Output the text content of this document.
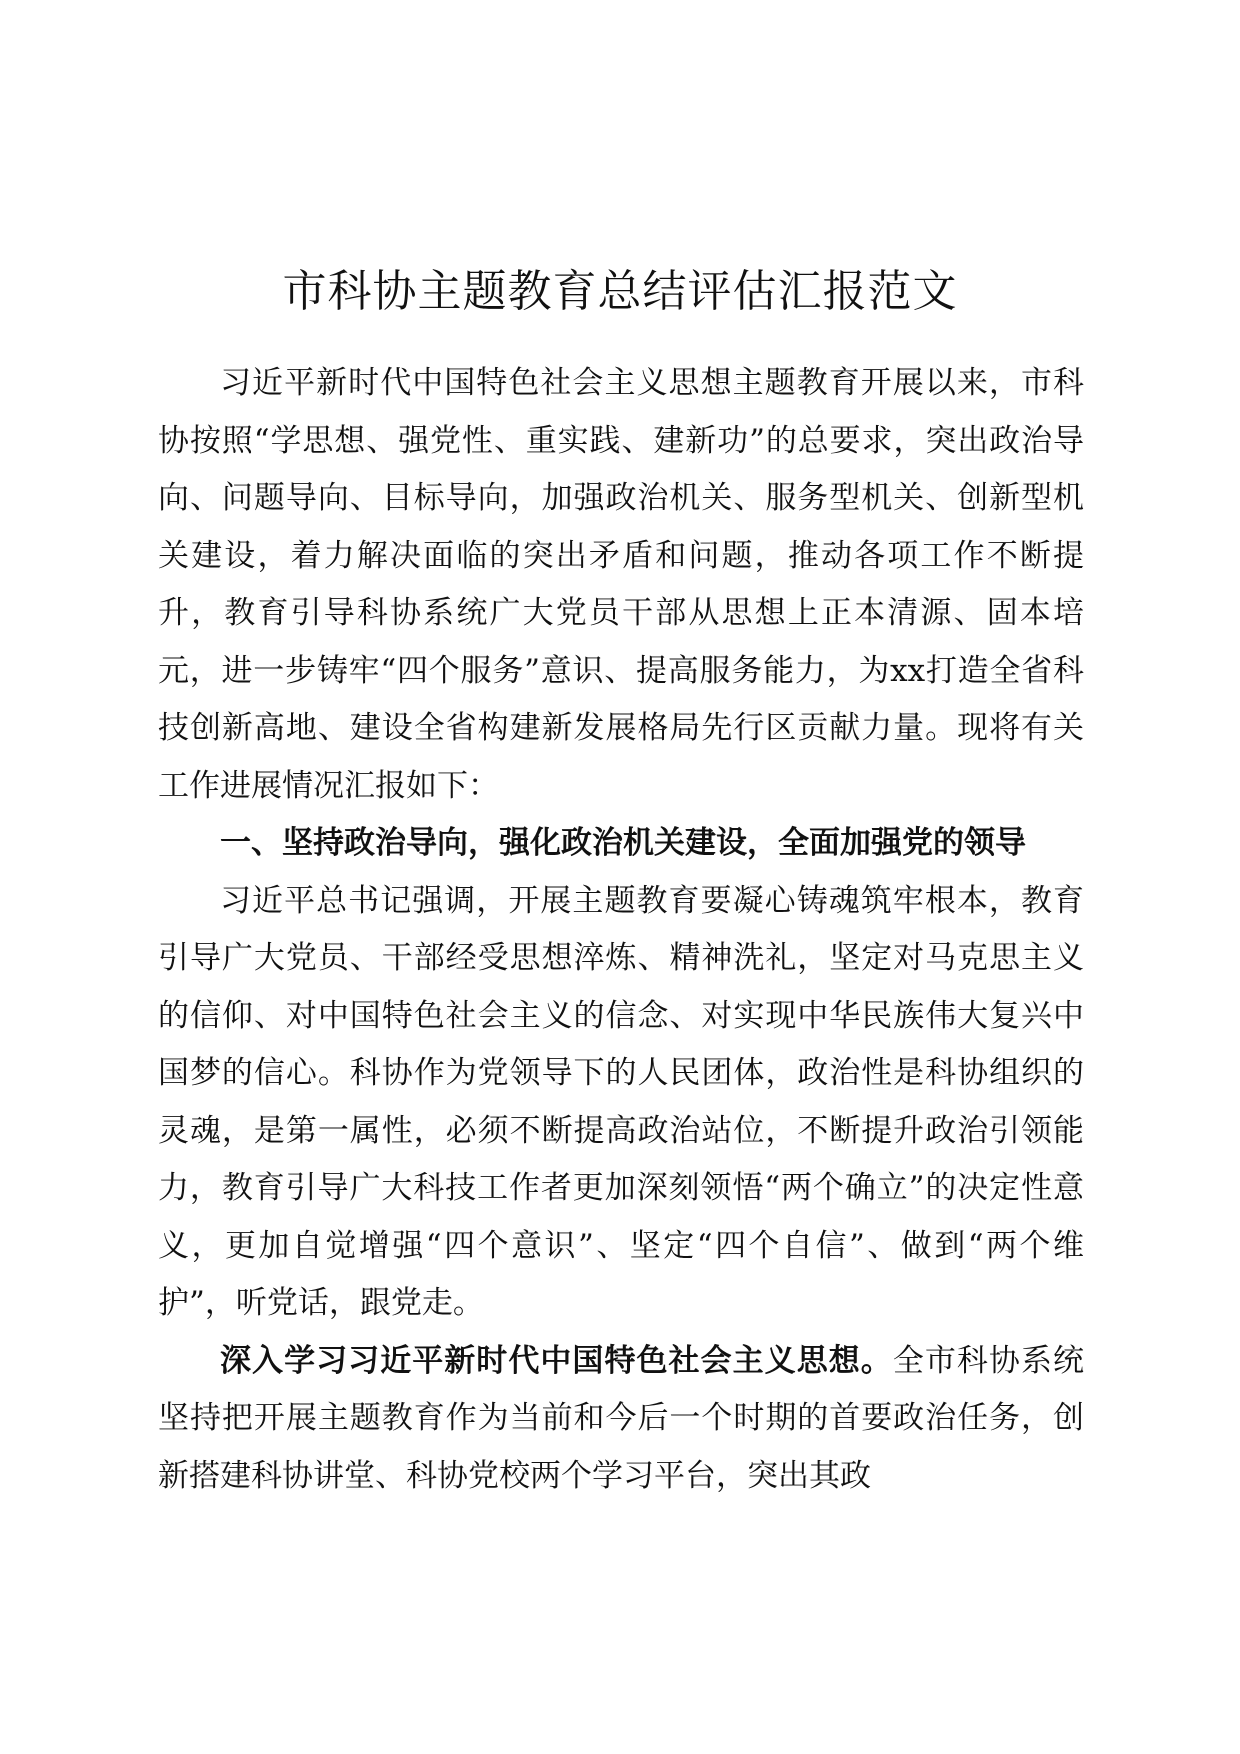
市科协主题教育总结评估汇报范文

习近平新时代中国特色社会主义思想主题教育开展以来，市科协按照“学思想、强党性、重实践、建新功”的总要求，突出政治导向、问题导向、目标导向，加强政治机关、服务型机关、创新型机关建设，着力解决面临的突出矛盾和问题，推动各项工作不断提升，教育引导科协系统广大党员干部从思想上正本清源、固本培元，进一步铸牢“四个服务”意识、提高服务能力，为xx打造全省科技创新高地、建设全省构建新发展格局先行区贡献力量。现将有关工作进展情况汇报如下：

一、坚持政治导向，强化政治机关建设，全面加强党的领导

习近平总书记强调，开展主题教育要凝心铸魂筑牢根本，教育引导广大党员、干部经受思想淬炼、精神洗礼，坚定对马克思主义的信仰、对中国特色社会主义的信念、对实现中华民族伟大复兴中国梦的信心。科协作为党领导下的人民团体，政治性是科协组织的灵魂，是第一属性，必须不断提高政治站位，不断提升政治引领能力，教育引导广大科技工作者更加深刻领悟“两个确立”的决定性意义，更加自觉增强“四个意识”、坚定“四个自信”、做到“两个维护”，听党话，跟党走。

深入学习习近平新时代中国特色社会主义思想。全市科协系统坚持把开展主题教育作为当前和今后一个时期的首要政治任务，创新搭建科协讲堂、科协党校两个学习平台，突出其政
